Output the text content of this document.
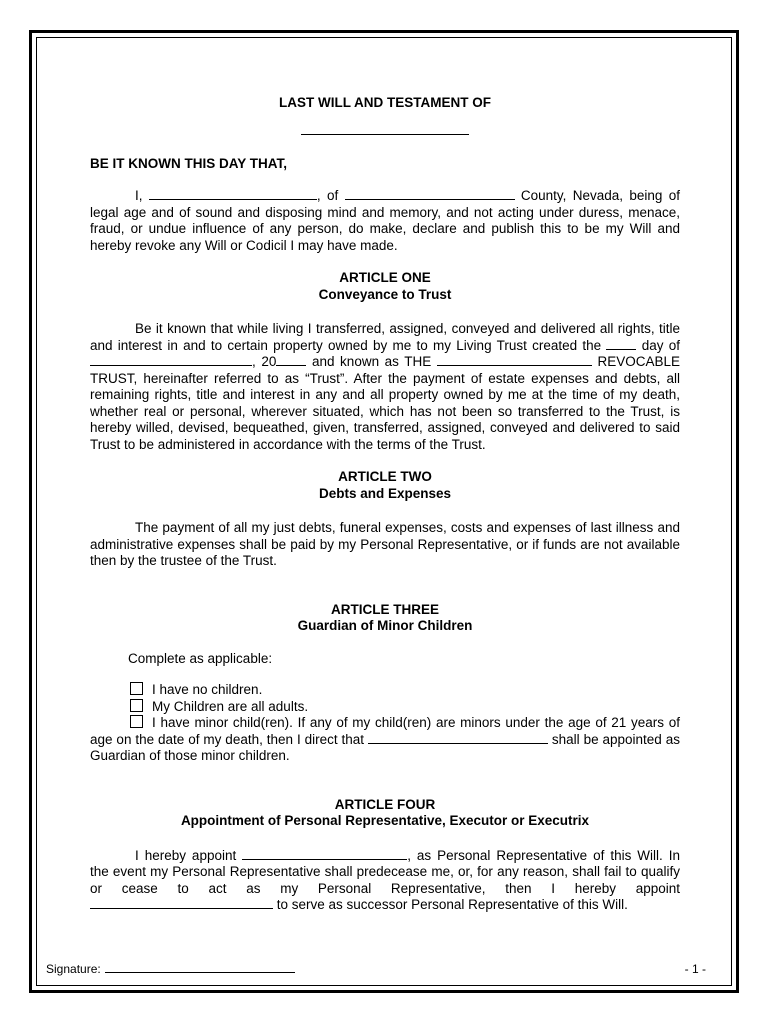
LAST WILL AND TESTAMENT OF
BE IT KNOWN THIS DAY THAT,

I,	, of	County, Nevada, being of legal age and of sound and disposing mind and memory, and not acting under duress, menace, fraud, or undue influence of any person, do make, declare and publish this to be my Will and hereby revoke any Will or Codicil I may have made.

ARTICLE ONE
Conveyance to Trust

Be it known that while living I transferred, assigned, conveyed and delivered all rights, title and interest in and to certain property owned by me to my Living Trust created the	day of , 20	and known as THE	REVOCABLE TRUST, hereinafter referred to as “Trust”. After the payment of estate expenses and debts, all remaining rights, title and interest in any and all property owned by me at the time of my death, whether real or personal, wherever situated, which has not been so transferred to the Trust, is hereby willed, devised, bequeathed, given, transferred, assigned, conveyed and delivered to said Trust to be administered in accordance with the terms of the Trust.

ARTICLE TWO
Debts and Expenses

The payment of all my just debts, funeral expenses, costs and expenses of last illness and administrative expenses shall be paid by my Personal Representative, or if funds are not available then by the trustee of the Trust.

ARTICLE THREE
Guardian of Minor Children
Complete as applicable:
I have no children.
My Children are all adults.

I have minor child(ren). If any of my child(ren) are minors under the age of 21 years of age on the date of my death, then I direct that	shall be appointed as Guardian of those minor children.

ARTICLE FOUR
Appointment of Personal Representative, Executor or Executrix

I hereby appoint	, as Personal Representative of this Will. In the event my Personal Representative shall predecease me, or, for any reason, shall fail to qualify or cease to act as my Personal Representative, then I hereby appoint  to serve as successor Personal Representative of this Will.

Signature:	- 1 -
